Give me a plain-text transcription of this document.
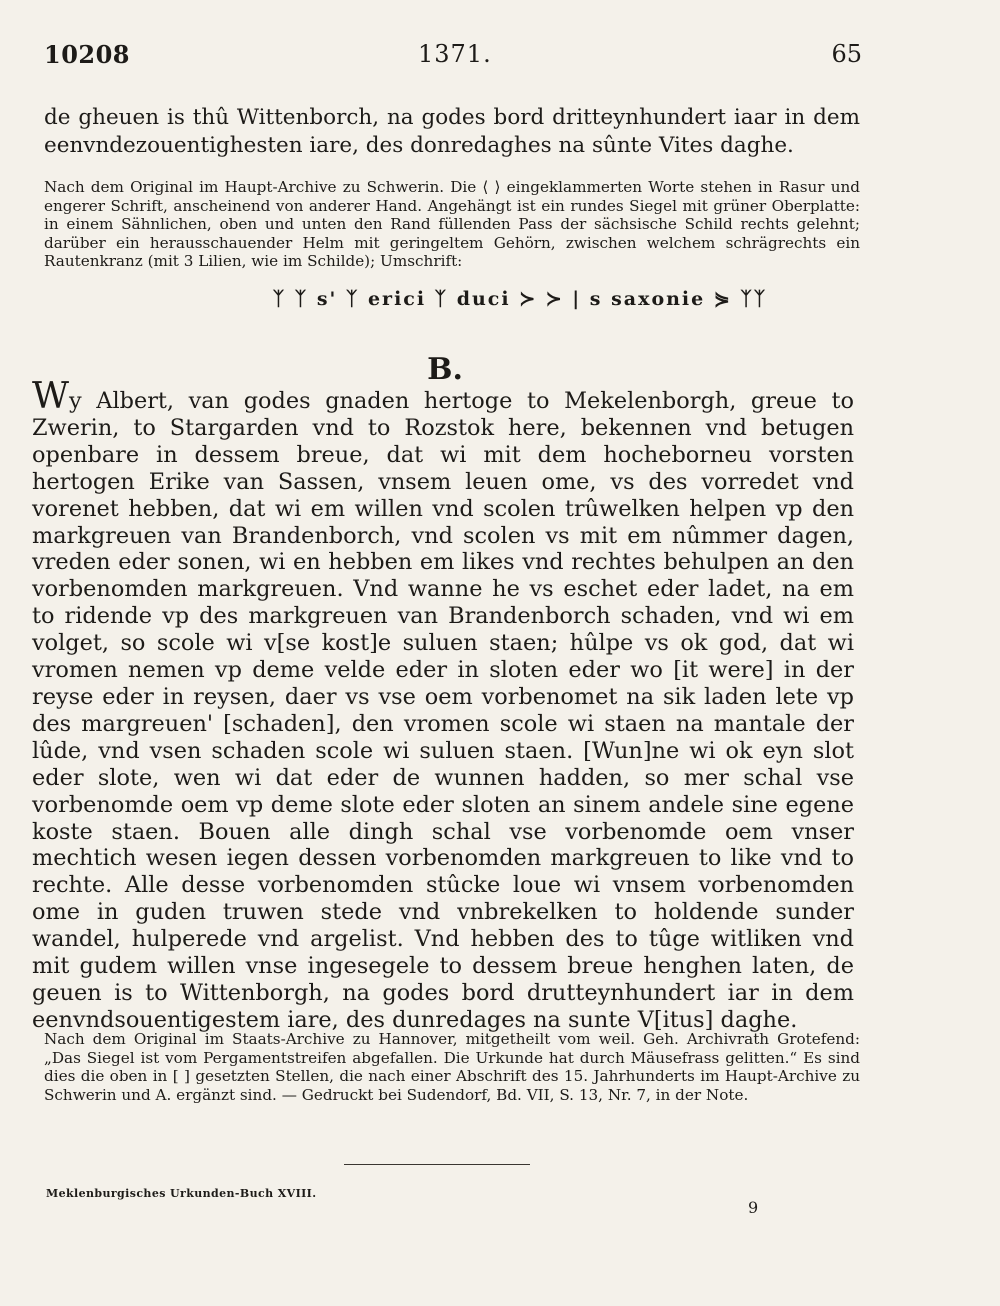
10208	1371.	65
de gheuen is thû Wittenborch, na godes bord dritteynhundert iaar in dem eenvndezouentighesten iare, des donredaghes na sûnte Vites daghe.
Nach dem Original im Haupt-Archive zu Schwerin. Die ⟨ ⟩ eingeklammerten Worte stehen in Rasur und engerer Schrift, anscheinend von anderer Hand. Angehängt ist ein rundes Siegel mit grüner Oberplatte: in einem Sähnlichen, oben und unten den Rand füllenden Pass der sächsische Schild rechts gelehnt; darüber ein herausschauender Helm mit geringeltem Gehörn, zwischen welchem schrägrechts ein Rautenkranz (mit 3 Lilien, wie im Schilde); Umschrift:
ᛉ ᛉ s' ᛉ erici ᛉ duci ≻ ≻ | s saxonie ⋟ ᛉᛉ
B.
Wy Albert, van godes gnaden hertoge to Mekelenborgh, greue to Zwerin, to Stargarden vnd to Rozstok here, bekennen vnd betugen openbare in dessem breue, dat wi mit dem hocheborneu vorsten hertogen Erike van Sassen, vnsem leuen ome, vs des vorredet vnd vorenet hebben, dat wi em willen vnd scolen trûwelken helpen vp den markgreuen van Brandenborch, vnd scolen vs mit em nûmmer dagen, vreden eder sonen, wi en hebben em likes vnd rechtes behulpen an den vorbenomden markgreuen. Vnd wanne he vs eschet eder ladet, na em to ridende vp des markgreuen van Brandenborch schaden, vnd wi em volget, so scole wi v[se kost]e suluen staen; hûlpe vs ok god, dat wi vromen nemen vp deme velde eder in sloten eder wo [it were] in der reyse eder in reysen, daer vs vse oem vorbenomet na sik laden lete vp des margreuen' [schaden], den vromen scole wi staen na mantale der lûde, vnd vsen schaden scole wi suluen staen. [Wun]ne wi ok eyn slot eder slote, wen wi dat eder de wunnen hadden, so mer schal vse vorbenomde oem vp deme slote eder sloten an sinem andele sine egene koste staen. Bouen alle dingh schal vse vorbenomde oem vnser mechtich wesen iegen dessen vorbenomden markgreuen to like vnd to rechte. Alle desse vorbenomden stûcke loue wi vnsem vorbenomden ome in guden truwen stede vnd vnbrekelken to holdende sunder wandel, hulperede vnd argelist. Vnd hebben des to tûge witliken vnd mit gudem willen vnse ingesegele to dessem breue henghen laten, de geuen is to Wittenborgh, na godes bord drutteynhundert iar in dem eenvndsouentigestem iare, des dunredages na sunte V[itus] daghe.
Nach dem Original im Staats-Archive zu Hannover, mitgetheilt vom weil. Geh. Archivrath Grotefend: „Das Siegel ist vom Pergamentstreifen abgefallen. Die Urkunde hat durch Mäusefrass gelitten.“ Es sind dies die oben in [ ] gesetzten Stellen, die nach einer Abschrift des 15. Jahrhunderts im Haupt-Archive zu Schwerin und A. ergänzt sind. — Gedruckt bei Sudendorf, Bd. VII, S. 13, Nr. 7, in der Note.
Meklenburgisches Urkunden-Buch XVIII.
9
